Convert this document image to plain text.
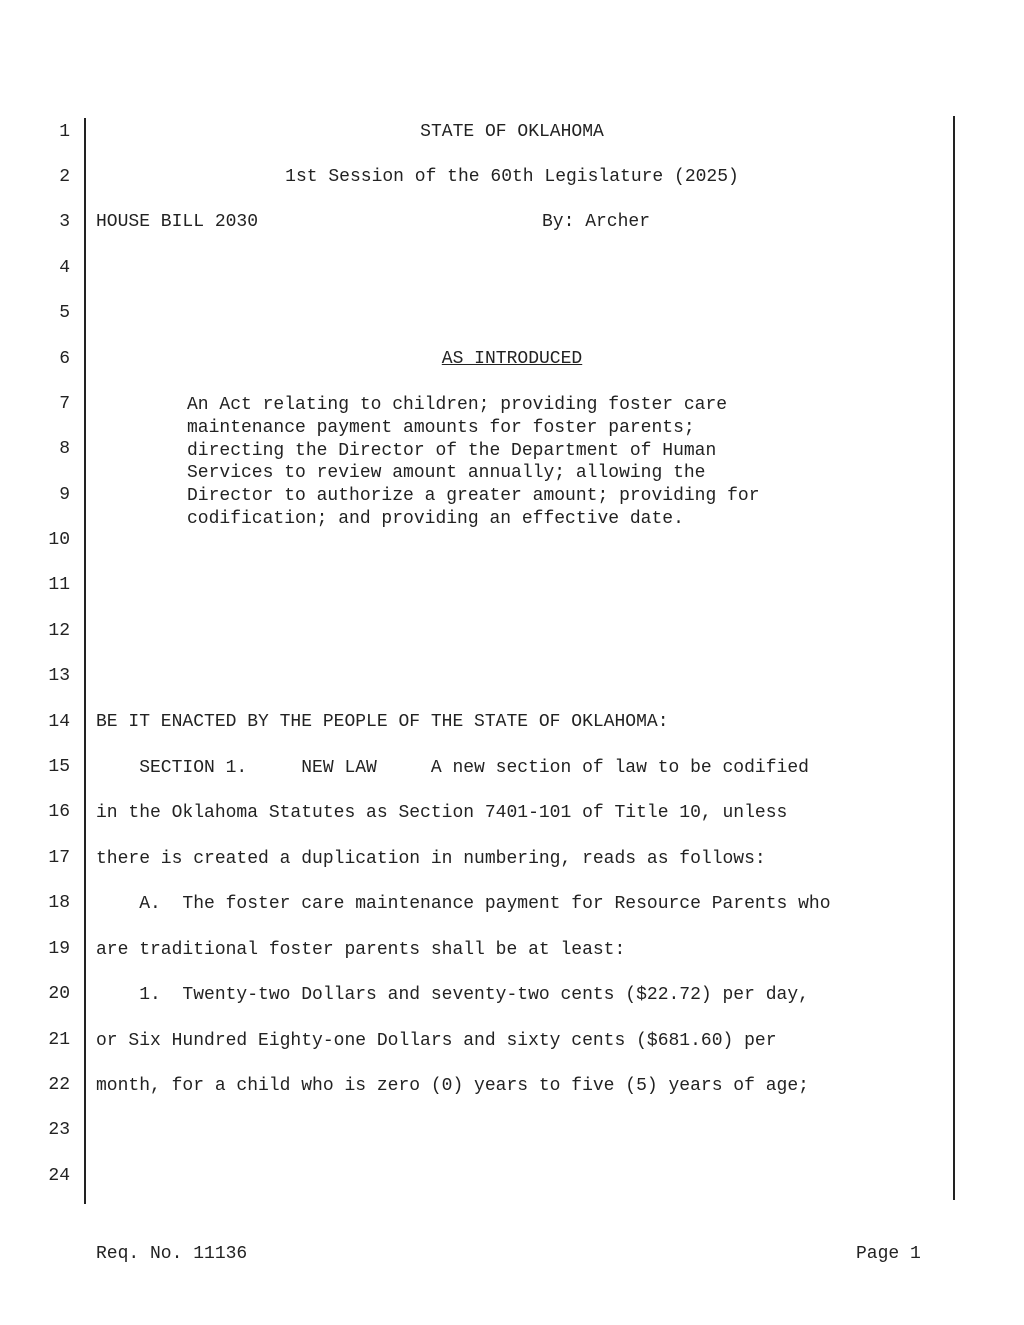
1
2
3
4
5
6
7
8
9
10
11
12
13
14
15
16
17
18
19
20
21
22
23
24
STATE OF OKLAHOMA
1st Session of the 60th Legislature (2025)
HOUSE BILL 2030	By: Archer
AS INTRODUCED
An Act relating to children; providing foster care
maintenance payment amounts for foster parents;
directing the Director of the Department of Human
Services to review amount annually; allowing the
Director to authorize a greater amount; providing for
codification; and providing an effective date.
BE IT ENACTED BY THE PEOPLE OF THE STATE OF OKLAHOMA:
SECTION 1.     NEW LAW     A new section of law to be codified
in the Oklahoma Statutes as Section 7401-101 of Title 10, unless
there is created a duplication in numbering, reads as follows:
A.  The foster care maintenance payment for Resource Parents who
are traditional foster parents shall be at least:
1.  Twenty-two Dollars and seventy-two cents ($22.72) per day,
or Six Hundred Eighty-one Dollars and sixty cents ($681.60) per
month, for a child who is zero (0) years to five (5) years of age;
Req. No. 11136	Page 1
